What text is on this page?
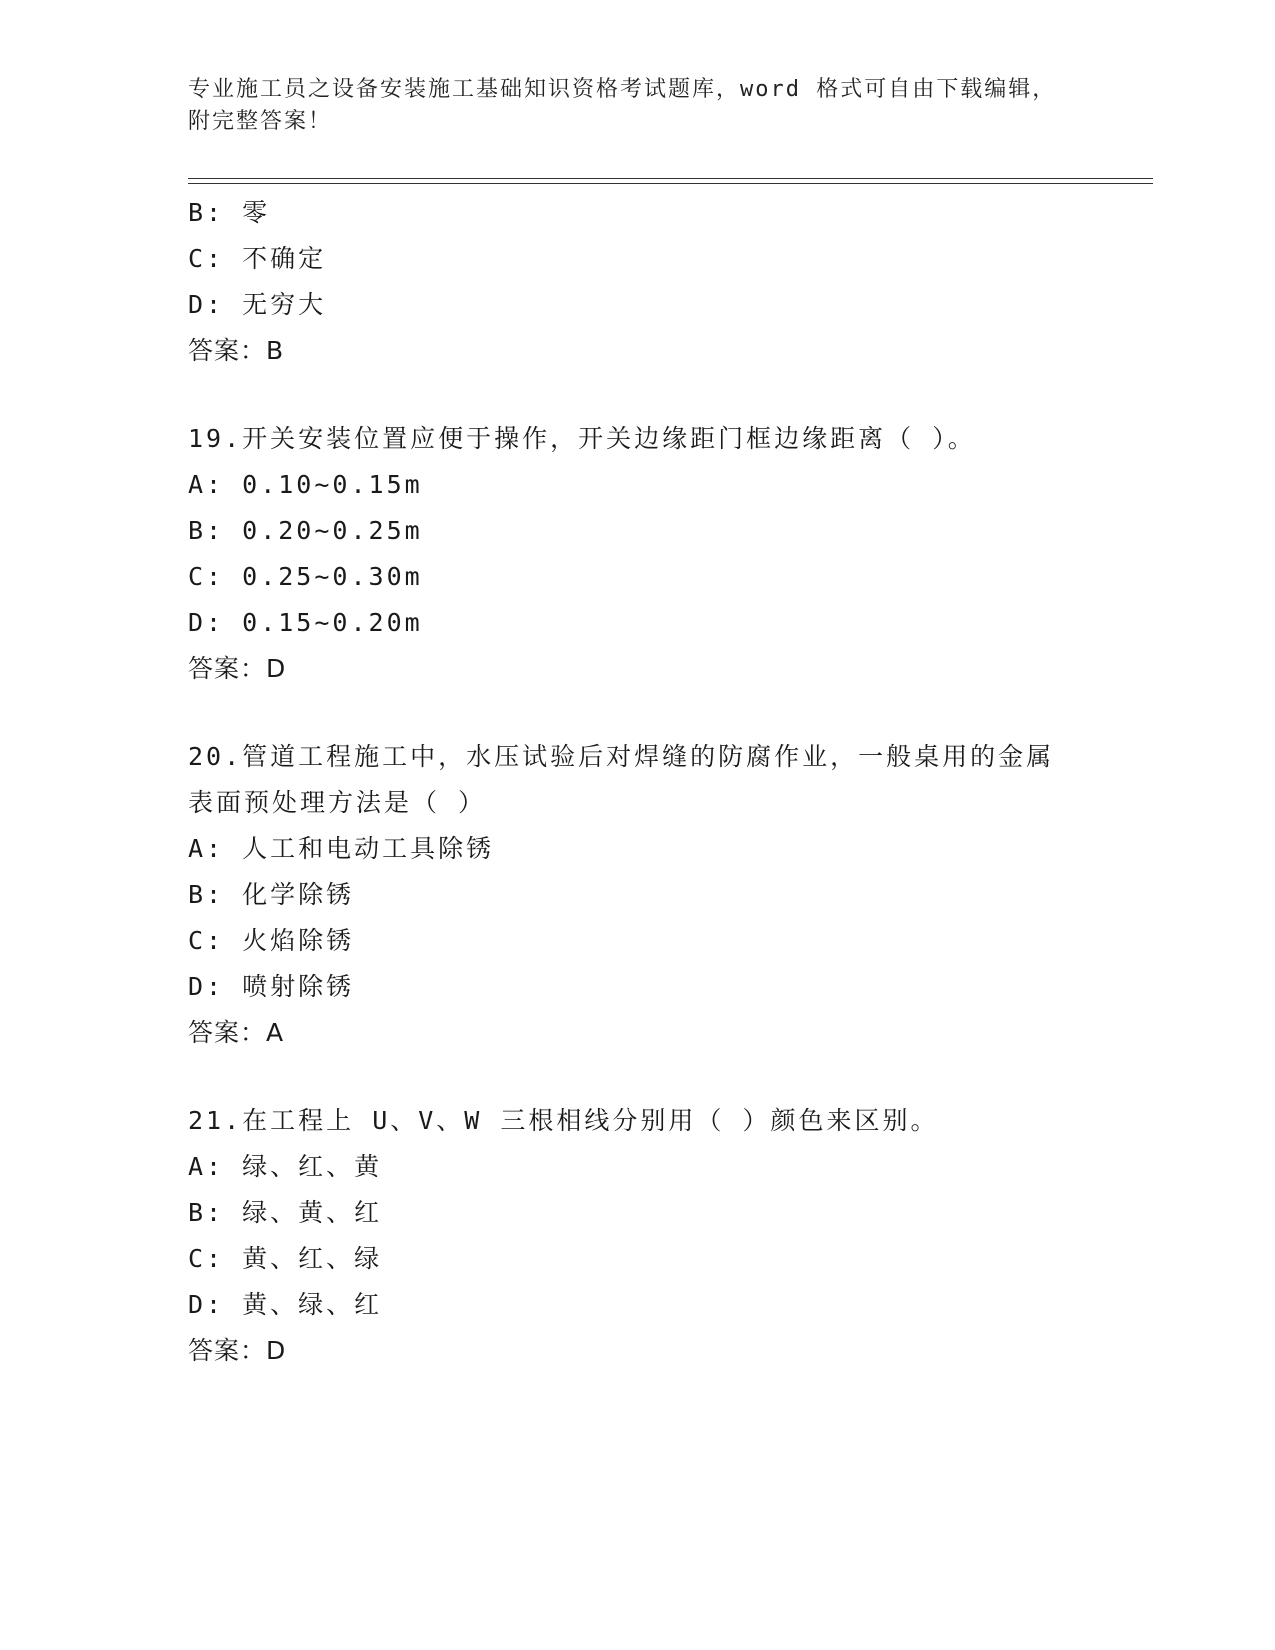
专业施工员之设备安装施工基础知识资格考试题库，word 格式可自由下载编辑，
附完整答案！
B: 零
C: 不确定
D: 无穷大
答案：B
19.开关安装位置应便于操作，开关边缘距门框边缘距离（ ）。
A: 0.10~0.15m
B: 0.20~0.25m
C: 0.25~0.30m
D: 0.15~0.20m
答案：D
20.管道工程施工中，水压试验后对焊缝的防腐作业，一般桌用的金属
表面预处理方法是（ ）
A: 人工和电动工具除锈
B: 化学除锈
C: 火焰除锈
D: 喷射除锈
答案：A
21.在工程上 U、V、W 三根相线分别用（ ）颜色来区别。
A: 绿、红、黄
B: 绿、黄、红
C: 黄、红、绿
D: 黄、绿、红
答案：D
